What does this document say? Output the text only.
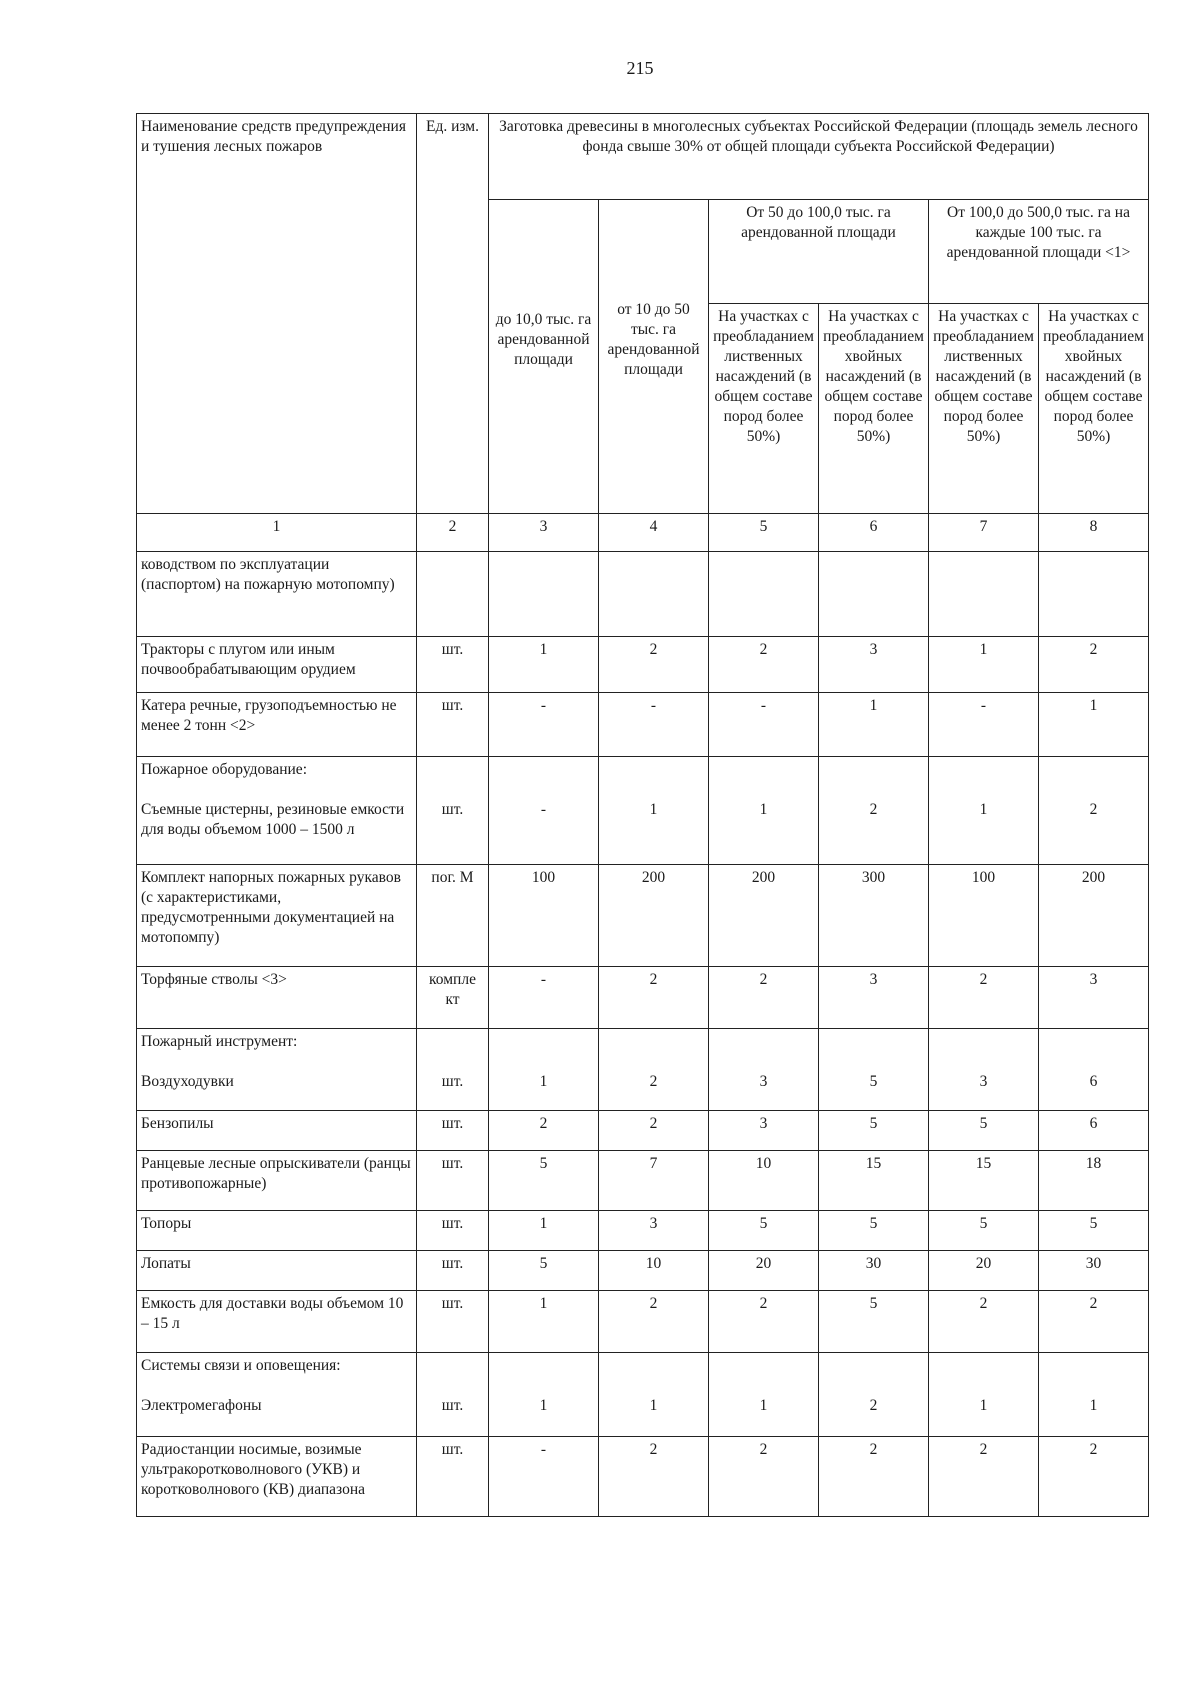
215
Наименование средств предупреждения и тушения лесных пожаров	Ед. изм.	Заготовка древесины в многолесных субъектах Российской Федерации (площадь земель лесного фонда свыше 30% от общей площади субъекта Российской Федерации)					
		до 10,0 тыс. га арендованной площади	от 10 до 50 тыс. га арендованной площади	От 50 до 100,0 тыс. га арендованной площади		От 100,0 до 500,0 тыс. га на каждые 100 тыс. га арендованной площади <1>	
				На участках с преобладанием лиственных насаждений (в общем составе пород более 50%)	На участках с преобладанием хвойных насаждений (в общем составе пород более 50%)	На участках с преобладанием лиственных насаждений (в общем составе пород более 50%)	На участках с преобладанием хвойных насаждений (в общем составе пород более 50%)
1	2	3	4	5	6	7	8

ководством по эксплуатации (паспортом) на пожарную мотопомпу)							

Тракторы с плугом или иным почвообрабатывающим орудием	шт.	1	2	2	3	1	2

Катера речные, грузоподъемностью не менее 2 тонн <2>	шт.	-	-	-	1	-	1

Пожарное оборудование:
Съемные цистерны, резиновые емкости для воды объемом 1000 – 1500 л	шт.	-	1	1	2	1	2

Комплект напорных пожарных рукавов (с характеристиками, предусмотренными документацией на мотопомпу)	пог. М	100	200	200	300	100	200

Торфяные стволы <3>	комплект	-	2	2	3	2	3

Пожарный инструмент:
Воздуходувки	шт.	1	2	3	5	3	6

Бензопилы	шт.	2	2	3	5	5	6

Ранцевые лесные опрыскиватели (ранцы противопожарные)	шт.	5	7	10	15	15	18

Топоры	шт.	1	3	5	5	5	5

Лопаты	шт.	5	10	20	30	20	30

Емкость для доставки воды объемом 10 – 15 л	шт.	1	2	2	5	2	2

Системы связи и оповещения:
Электромегафоны	шт.	1	1	1	2	1	1

Радиостанции носимые, возимые ультракоротковолнового (УКВ) и коротковолнового (КВ) диапазона	шт.	-	2	2	2	2	2
